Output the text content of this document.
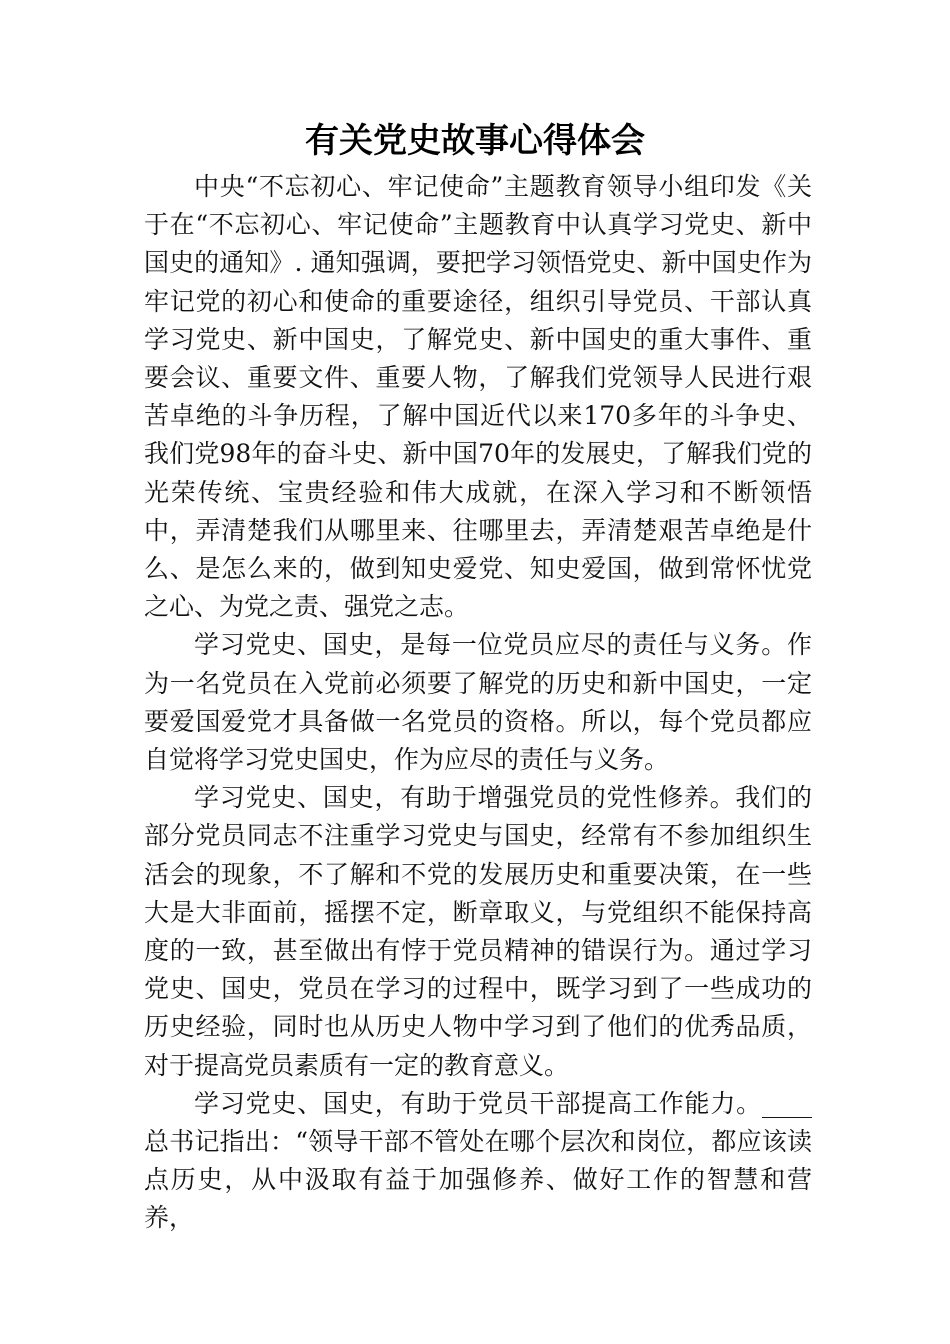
有关党史故事心得体会

中央“不忘初心、牢记使命”主题教育领导小组印发《关于在“不忘初心、牢记使命”主题教育中认真学习党史、新中国史的通知》. 通知强调，要把学习领悟党史、新中国史作为牢记党的初心和使命的重要途径，组织引导党员、干部认真学习党史、新中国史，了解党史、新中国史的重大事件、重要会议、重要文件、重要人物，了解我们党领导人民进行艰苦卓绝的斗争历程，了解中国近代以来170多年的斗争史、我们党98年的奋斗史、新中国70年的发展史，了解我们党的光荣传统、宝贵经验和伟大成就，在深入学习和不断领悟中，弄清楚我们从哪里来、往哪里去，弄清楚艰苦卓绝是什么、是怎么来的，做到知史爱党、知史爱国，做到常怀忧党之心、为党之责、强党之志。

学习党史、国史，是每一位党员应尽的责任与义务。作为一名党员在入党前必须要了解党的历史和新中国史，一定要爱国爱党才具备做一名党员的资格。所以，每个党员都应自觉将学习党史国史，作为应尽的责任与义务。

学习党史、国史，有助于增强党员的党性修养。我们的部分党员同志不注重学习党史与国史，经常有不参加组织生活会的现象，不了解和不党的发展历史和重要决策，在一些大是大非面前，摇摆不定，断章取义，与党组织不能保持高度的一致，甚至做出有悖于党员精神的错误行为。通过学习党史、国史，党员在学习的过程中，既学习到了一些成功的历史经验，同时也从历史人物中学习到了他们的优秀品质，对于提高党员素质有一定的教育意义。

学习党史、国史，有助于党员干部提高工作能力。____总书记指出：“领导干部不管处在哪个层次和岗位，都应该读点历史，从中汲取有益于加强修养、做好工作的智慧和营养，
